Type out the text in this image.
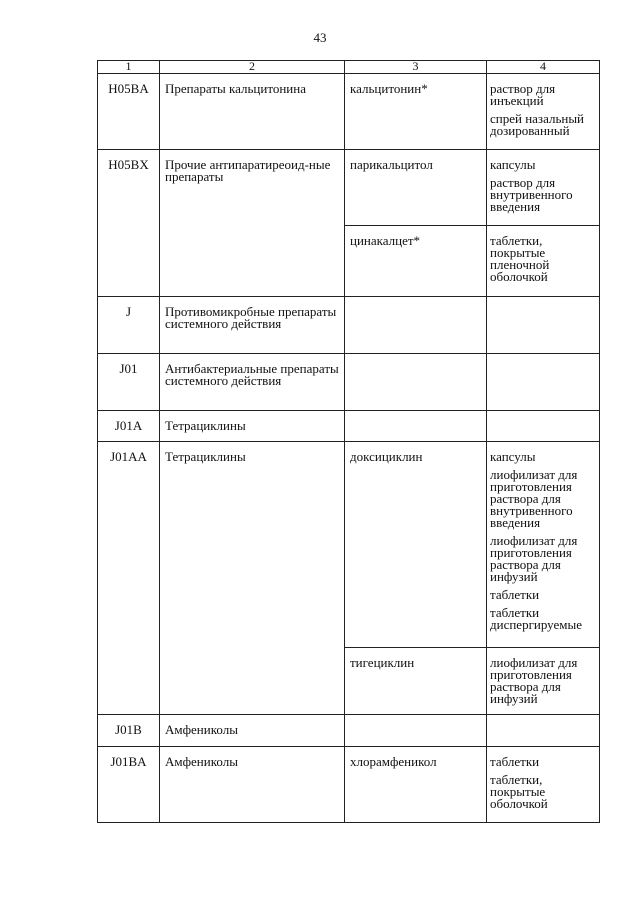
43
1	2	3	4
H05BA	Препараты кальцитонина	кальцитонин*	раствор для инъекций
спрей назальный дозированный

H05BX	Прочие антипаратиреоид-ные препараты	парикальцитол	капсулы
раствор для внутривенного введения

		цинакалцет*	таблетки, покрытые пленочной оболочкой

J	Противомикробные препараты системного действия		
J01	Антибактериальные препараты системного действия		
J01A	Тетрациклины		
J01AA	Тетрациклины	доксициклин	капсулы
лиофилизат для приготовления раствора для внутривенного введения
лиофилизат для приготовления раствора для инфузий
таблетки
таблетки диспергируемые

		тигециклин	лиофилизат для приготовления раствора для инфузий

J01B	Амфениколы		
J01BA	Амфениколы	хлорамфеникол	таблетки
таблетки, покрытые оболочкой
